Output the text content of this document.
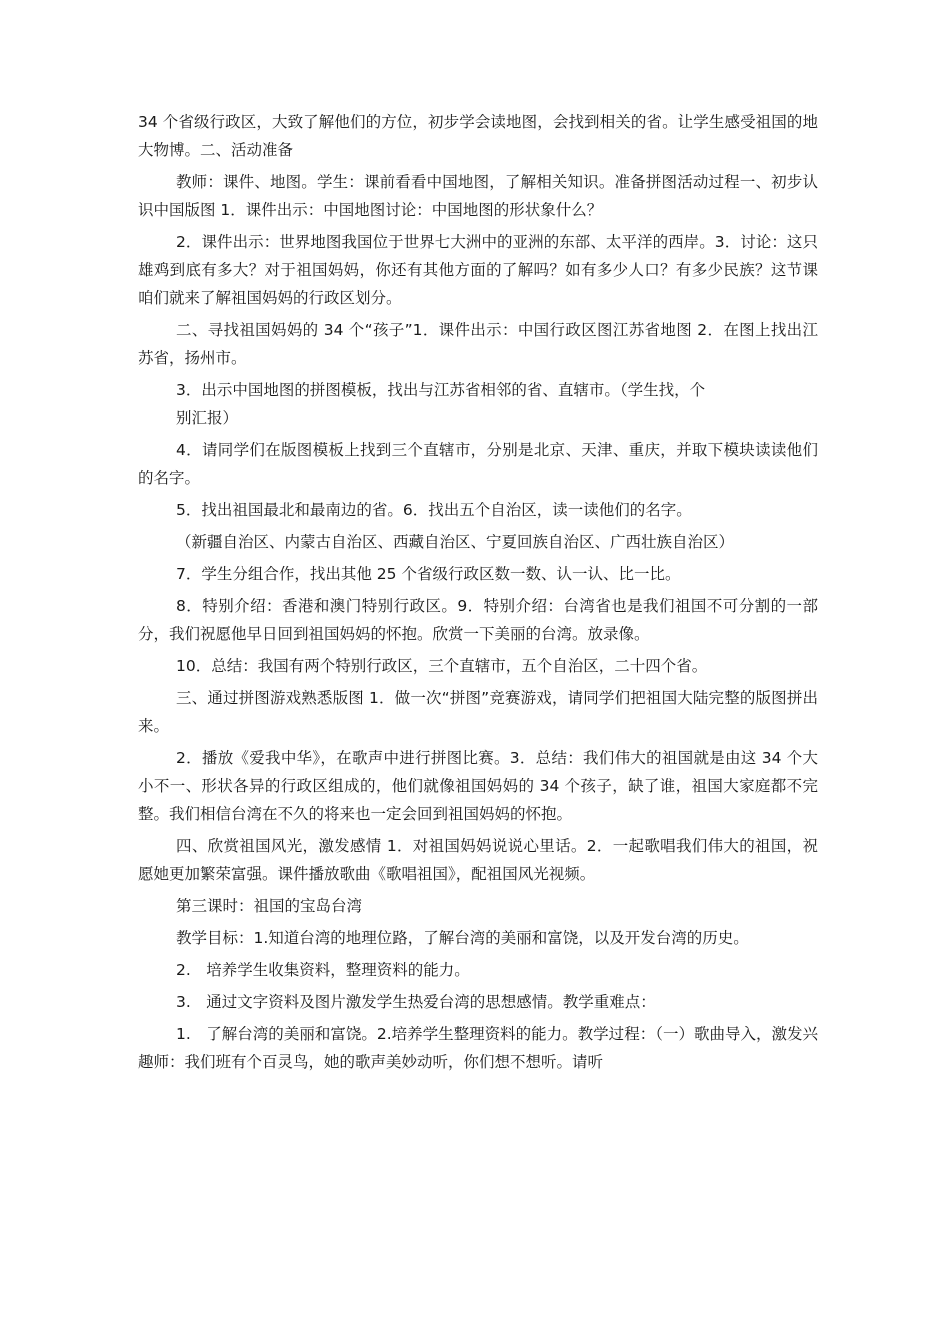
34 个省级行政区，大致了解他们的方位，初步学会读地图，会找到相关的省。让学生感受祖国的地大物博。二、活动准备

教师：课件、地图。学生：课前看看中国地图，了解相关知识。准备拼图活动过程一、初步认识中国版图 1．课件出示：中国地图讨论：中国地图的形状象什么？

2．课件出示：世界地图我国位于世界七大洲中的亚洲的东部、太平洋的西岸。3．讨论：这只雄鸡到底有多大？对于祖国妈妈，你还有其他方面的了解吗？如有多少人口？有多少民族？这节课咱们就来了解祖国妈妈的行政区划分。

二、寻找祖国妈妈的 34 个“孩子”1．课件出示：中国行政区图江苏省地图 2．在图上找出江苏省，扬州市。

3．出示中国地图的拼图模板，找出与江苏省相邻的省、直辖市。（学生找，个

别汇报）

4．请同学们在版图模板上找到三个直辖市，分别是北京、天津、重庆，并取下模块读读他们的名字。

5．找出祖国最北和最南边的省。6．找出五个自治区，读一读他们的名字。

（新疆自治区、内蒙古自治区、西藏自治区、宁夏回族自治区、广西壮族自治区）

7．学生分组合作，找出其他 25 个省级行政区数一数、认一认、比一比。

8．特别介绍：香港和澳门特别行政区。9．特别介绍：台湾省也是我们祖国不可分割的一部分，我们祝愿他早日回到祖国妈妈的怀抱。欣赏一下美丽的台湾。放录像。

10．总结：我国有两个特别行政区，三个直辖市，五个自治区，二十四个省。

三、通过拼图游戏熟悉版图 1．做一次“拼图”竞赛游戏，请同学们把祖国大陆完整的版图拼出来。

2．播放《爱我中华》，在歌声中进行拼图比赛。3．总结：我们伟大的祖国就是由这 34 个大小不一、形状各异的行政区组成的，他们就像祖国妈妈的 34 个孩子，缺了谁，祖国大家庭都不完整。我们相信台湾在不久的将来也一定会回到祖国妈妈的怀抱。

四、欣赏祖国风光，激发感情 1．对祖国妈妈说说心里话。2．一起歌唱我们伟大的祖国，祝愿她更加繁荣富强。课件播放歌曲《歌唱祖国》，配祖国风光视频。

第三课时：祖国的宝岛台湾

教学目标：1.知道台湾的地理位路，了解台湾的美丽和富饶，以及开发台湾的历史。

2.　培养学生收集资料，整理资料的能力。

3.　通过文字资料及图片激发学生热爱台湾的思想感情。教学重难点：

1.　了解台湾的美丽和富饶。2.培养学生整理资料的能力。教学过程：（一）歌曲导入，激发兴趣师：我们班有个百灵鸟，她的歌声美妙动听，你们想不想听。请听
